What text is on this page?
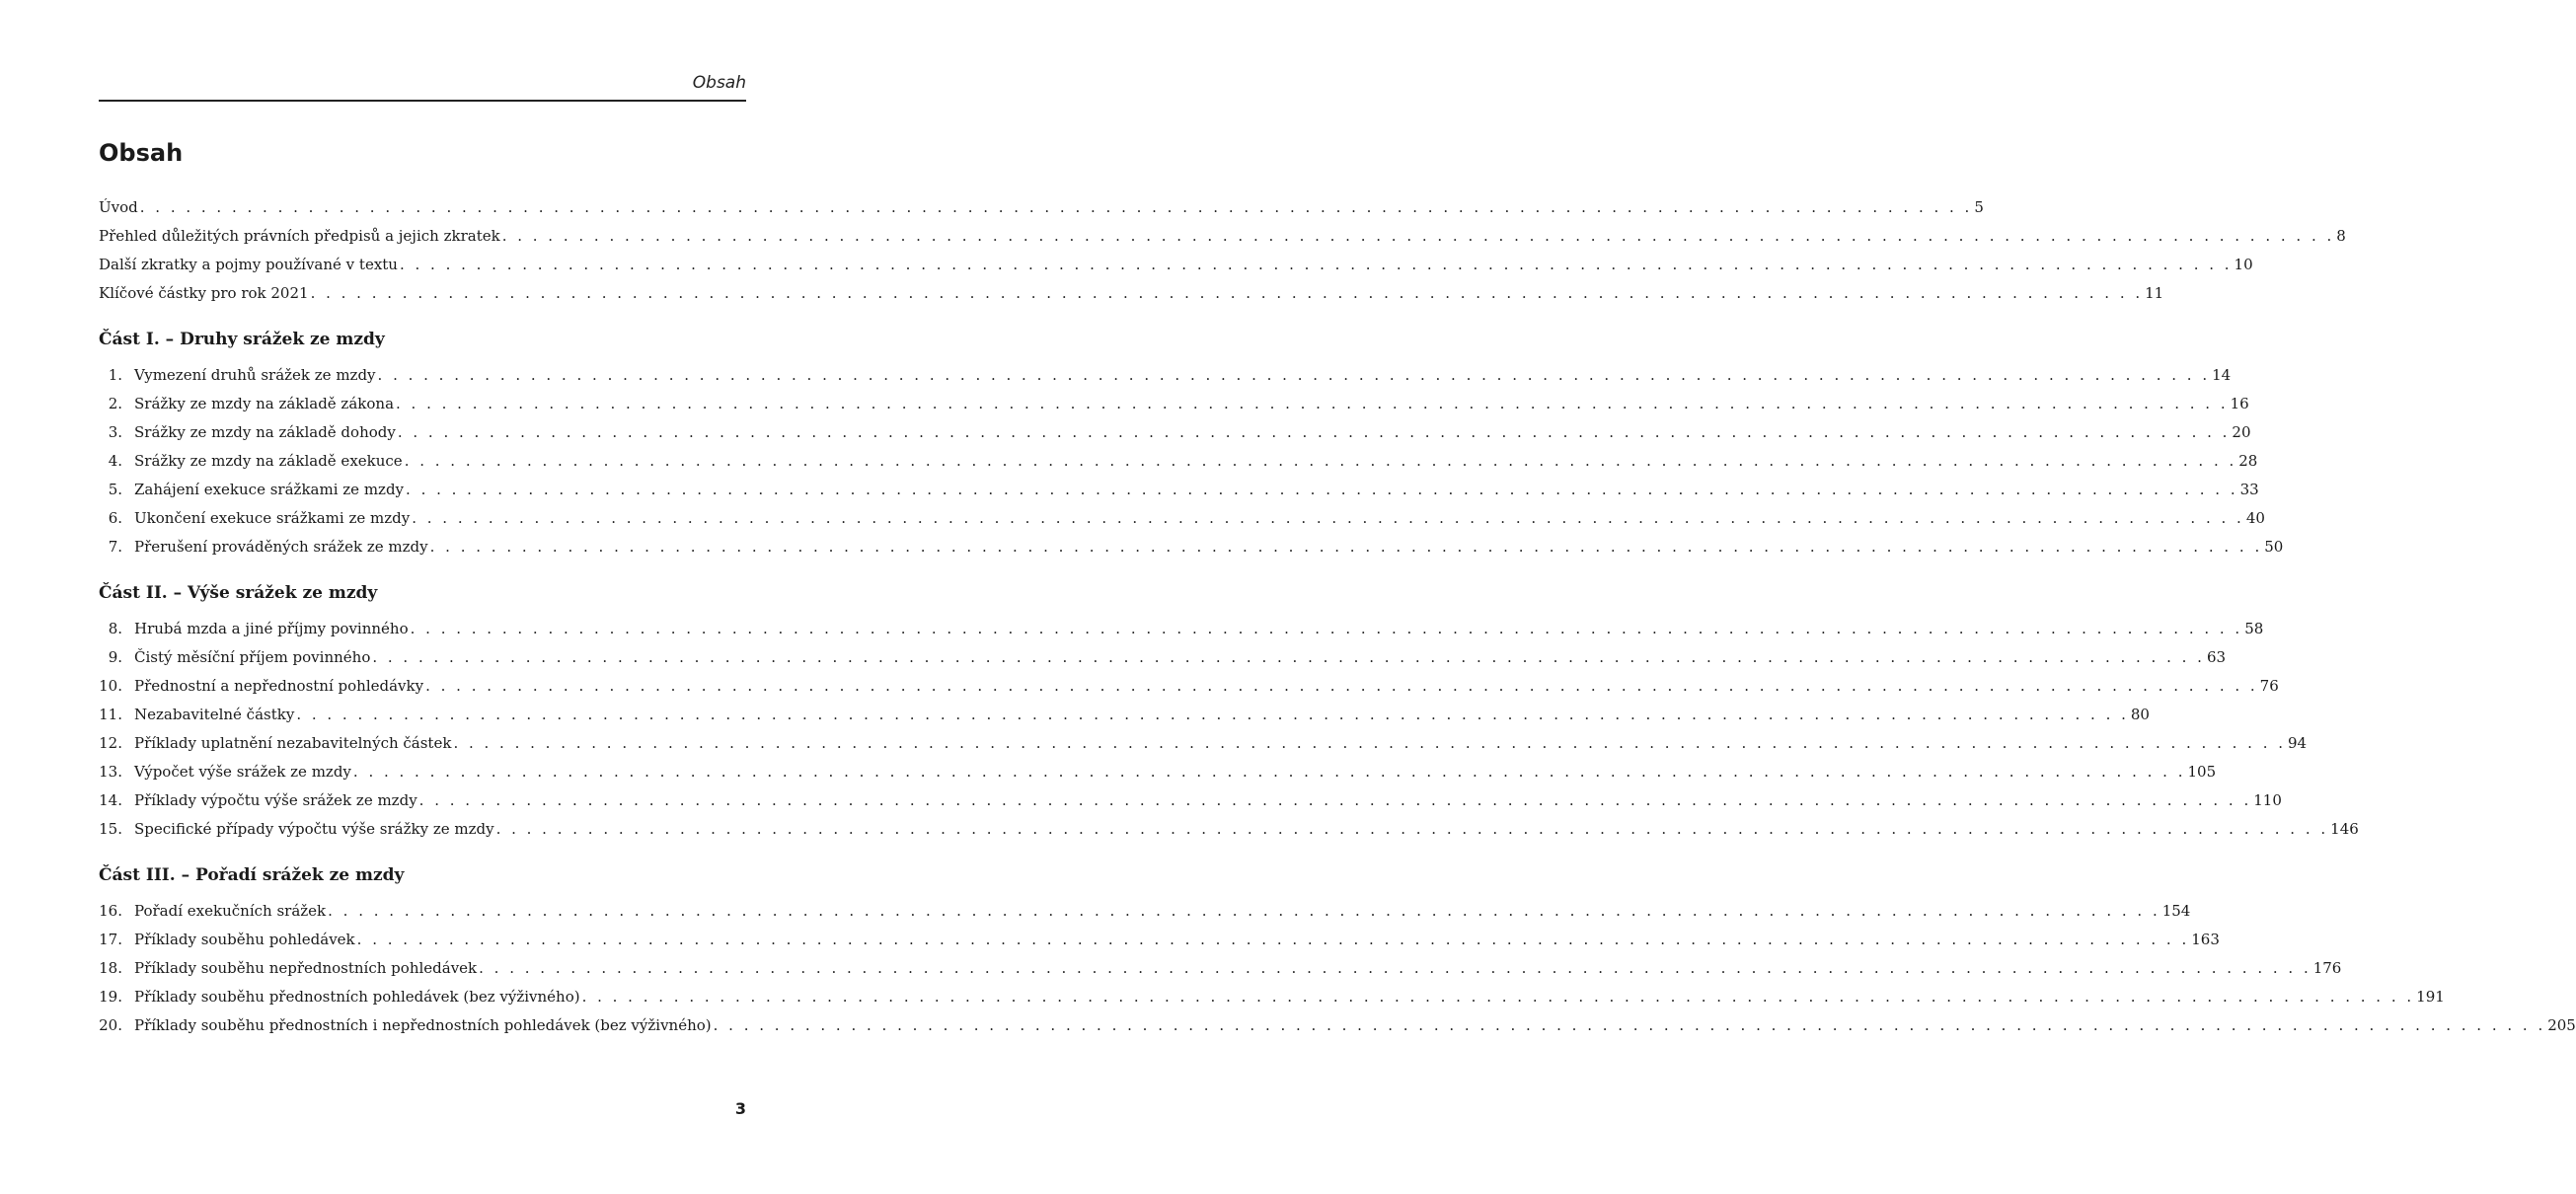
Obsah
Obsah
Úvod . . . . . . . . . . . . . . . . . . . . . . . . . . . . . . . . . . . . . . . . . . . . . . . . . . . . . . . . . . . . . . . . . . . . . . . . . . . . . . . . . . . . . . . . . . . . . . . . . . . . . . . . . . . . . . . . . . . . . . . . 5
Přehled důležitých právních předpisů a jejich zkratek . . . . . . . . . . . . . . . . . . . . . . . . . . . . . . . . . . . . . . . . . . . . . . . . . . . . . . . . . . . . . . . . . . . . . . . . . . . . . . . . . . . . . . . . . . . . . . . . . . . . . . . . . . . . . . . . . . . . . . . . 8
Další zkratky a pojmy používané v textu . . . . . . . . . . . . . . . . . . . . . . . . . . . . . . . . . . . . . . . . . . . . . . . . . . . . . . . . . . . . . . . . . . . . . . . . . . . . . . . . . . . . . . . . . . . . . . . . . . . . . . . . . . . . . . . . . . . . . . . . 10
Klíčové částky pro rok 2021 . . . . . . . . . . . . . . . . . . . . . . . . . . . . . . . . . . . . . . . . . . . . . . . . . . . . . . . . . . . . . . . . . . . . . . . . . . . . . . . . . . . . . . . . . . . . . . . . . . . . . . . . . . . . . . . . . . . . . . . . 11
Část I. – Druhy srážek ze mzdy
1. Vymezení druhů srážek ze mzdy . . . . . . . . . . . . . . . . . . . . . . . . . . . . . . . . . . . . . . . . . . . . . . . . . . . . . . . . . . . . . . . . . . . . . . . . . . . . . . . . . . . . . . . . . . . . . . . . . . . . . . . . . . . . . . . . . . . . . . . . 14
2. Srážky ze mzdy na základě zákona . . . . . . . . . . . . . . . . . . . . . . . . . . . . . . . . . . . . . . . . . . . . . . . . . . . . . . . . . . . . . . . . . . . . . . . . . . . . . . . . . . . . . . . . . . . . . . . . . . . . . . . . . . . . . . . . . . . . . . . . 16
3. Srážky ze mzdy na základě dohody . . . . . . . . . . . . . . . . . . . . . . . . . . . . . . . . . . . . . . . . . . . . . . . . . . . . . . . . . . . . . . . . . . . . . . . . . . . . . . . . . . . . . . . . . . . . . . . . . . . . . . . . . . . . . . . . . . . . . . . . 20
4. Srážky ze mzdy na základě exekuce . . . . . . . . . . . . . . . . . . . . . . . . . . . . . . . . . . . . . . . . . . . . . . . . . . . . . . . . . . . . . . . . . . . . . . . . . . . . . . . . . . . . . . . . . . . . . . . . . . . . . . . . . . . . . . . . . . . . . . . . 28
5. Zahájení exekuce srážkami ze mzdy . . . . . . . . . . . . . . . . . . . . . . . . . . . . . . . . . . . . . . . . . . . . . . . . . . . . . . . . . . . . . . . . . . . . . . . . . . . . . . . . . . . . . . . . . . . . . . . . . . . . . . . . . . . . . . . . . . . . . . . . 33
6. Ukončení exekuce srážkami ze mzdy . . . . . . . . . . . . . . . . . . . . . . . . . . . . . . . . . . . . . . . . . . . . . . . . . . . . . . . . . . . . . . . . . . . . . . . . . . . . . . . . . . . . . . . . . . . . . . . . . . . . . . . . . . . . . . . . . . . . . . . . 40
7. Přerušení prováděných srážek ze mzdy . . . . . . . . . . . . . . . . . . . . . . . . . . . . . . . . . . . . . . . . . . . . . . . . . . . . . . . . . . . . . . . . . . . . . . . . . . . . . . . . . . . . . . . . . . . . . . . . . . . . . . . . . . . . . . . . . . . . . . . . 50
Část II. – Výše srážek ze mzdy
8. Hrubá mzda a jiné příjmy povinného . . . . . . . . . . . . . . . . . . . . . . . . . . . . . . . . . . . . . . . . . . . . . . . . . . . . . . . . . . . . . . . . . . . . . . . . . . . . . . . . . . . . . . . . . . . . . . . . . . . . . . . . . . . . . . . . . . . . . . . . 58
9. Čistý měsíční příjem povinného . . . . . . . . . . . . . . . . . . . . . . . . . . . . . . . . . . . . . . . . . . . . . . . . . . . . . . . . . . . . . . . . . . . . . . . . . . . . . . . . . . . . . . . . . . . . . . . . . . . . . . . . . . . . . . . . . . . . . . . . 63
10. Přednostní a nepřednostní pohledávky . . . . . . . . . . . . . . . . . . . . . . . . . . . . . . . . . . . . . . . . . . . . . . . . . . . . . . . . . . . . . . . . . . . . . . . . . . . . . . . . . . . . . . . . . . . . . . . . . . . . . . . . . . . . . . . . . . . . . . . . 76
11. Nezabavitelné částky . . . . . . . . . . . . . . . . . . . . . . . . . . . . . . . . . . . . . . . . . . . . . . . . . . . . . . . . . . . . . . . . . . . . . . . . . . . . . . . . . . . . . . . . . . . . . . . . . . . . . . . . . . . . . . . . . . . . . . . . 80
12. Příklady uplatnění nezabavitelných částek . . . . . . . . . . . . . . . . . . . . . . . . . . . . . . . . . . . . . . . . . . . . . . . . . . . . . . . . . . . . . . . . . . . . . . . . . . . . . . . . . . . . . . . . . . . . . . . . . . . . . . . . . . . . . . . . . . . . . . . . 94
13. Výpočet výše srážek ze mzdy . . . . . . . . . . . . . . . . . . . . . . . . . . . . . . . . . . . . . . . . . . . . . . . . . . . . . . . . . . . . . . . . . . . . . . . . . . . . . . . . . . . . . . . . . . . . . . . . . . . . . . . . . . . . . . . . . . . . . . . . 105
14. Příklady výpočtu výše srážek ze mzdy . . . . . . . . . . . . . . . . . . . . . . . . . . . . . . . . . . . . . . . . . . . . . . . . . . . . . . . . . . . . . . . . . . . . . . . . . . . . . . . . . . . . . . . . . . . . . . . . . . . . . . . . . . . . . . . . . . . . . . . . 110
15. Specifické případy výpočtu výše srážky ze mzdy . . . . . . . . . . . . . . . . . . . . . . . . . . . . . . . . . . . . . . . . . . . . . . . . . . . . . . . . . . . . . . . . . . . . . . . . . . . . . . . . . . . . . . . . . . . . . . . . . . . . . . . . . . . . . . . . . . . . . . . . 146
Část III. – Pořadí srážek ze mzdy
16. Pořadí exekučních srážek . . . . . . . . . . . . . . . . . . . . . . . . . . . . . . . . . . . . . . . . . . . . . . . . . . . . . . . . . . . . . . . . . . . . . . . . . . . . . . . . . . . . . . . . . . . . . . . . . . . . . . . . . . . . . . . . . . . . . . . . 154
17. Příklady souběhu pohledávek . . . . . . . . . . . . . . . . . . . . . . . . . . . . . . . . . . . . . . . . . . . . . . . . . . . . . . . . . . . . . . . . . . . . . . . . . . . . . . . . . . . . . . . . . . . . . . . . . . . . . . . . . . . . . . . . . . . . . . . . 163
18. Příklady souběhu nepřednostních pohledávek . . . . . . . . . . . . . . . . . . . . . . . . . . . . . . . . . . . . . . . . . . . . . . . . . . . . . . . . . . . . . . . . . . . . . . . . . . . . . . . . . . . . . . . . . . . . . . . . . . . . . . . . . . . . . . . . . . . . . . . . 176
19. Příklady souběhu přednostních pohledávek (bez výživného) . . . . . . . . . . . . . . . . . . . . . . . . . . . . . . . . . . . . . . . . . . . . . . . . . . . . . . . . . . . . . . . . . . . . . . . . . . . . . . . . . . . . . . . . . . . . . . . . . . . . . . . . . . . . . . . . . . . . . . . . 191
20. Příklady souběhu přednostních i nepřednostních pohledávek (bez výživného) . . . . . . . . . . . . . . . . . . . . . . . . . . . . . . . . . . . . . . . . . . . . . . . . . . . . . . . . . . . . . . . . . . . . . . . . . . . . . . . . . . . . . . . . . . . . . . . . . . . . . . . . . . . . . . . . . . . . . . . . 205
3
